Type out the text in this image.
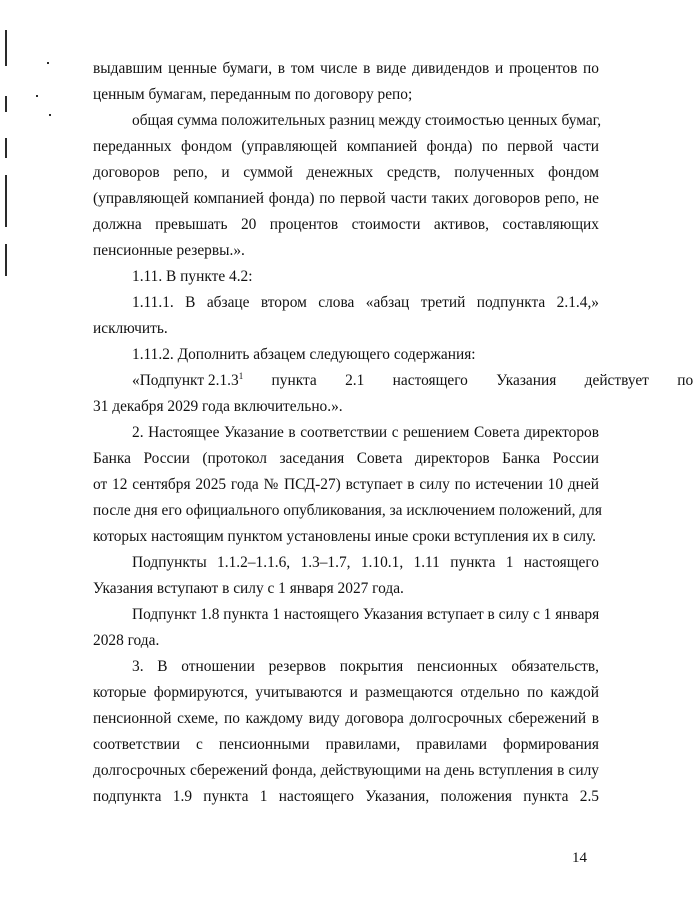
выдавшим ценные бумаги, в том числе в виде дивидендов и процентов по
ценным бумагам, переданным по договору репо;
общая сумма положительных разниц между стоимостью ценных бумаг,
переданных фондом (управляющей компанией фонда) по первой части
договоров репо, и суммой денежных средств, полученных фондом
(управляющей компанией фонда) по первой части таких договоров репо, не
должна превышать 20 процентов стоимости активов, составляющих
пенсионные резервы.».
1.11. В пункте 4.2:
1.11.1. В абзаце втором слова «абзац третий подпункта 2.1.4,»
исключить.
1.11.2. Дополнить абзацем следующего содержания:
«Подпункт 2.1.3$^1$ пункта 2.1 настоящего Указания действует по
31 декабря 2029 года включительно.».
2. Настоящее Указание в соответствии с решением Совета директоров
Банка России (протокол заседания Совета директоров Банка России
от 12 сентября 2025 года № ПСД-27) вступает в силу по истечении 10 дней
после дня его официального опубликования, за исключением положений, для
которых настоящим пунктом установлены иные сроки вступления их в силу.
Подпункты 1.1.2–1.1.6, 1.3–1.7, 1.10.1, 1.11 пункта 1 настоящего
Указания вступают в силу с 1 января 2027 года.
Подпункт 1.8 пункта 1 настоящего Указания вступает в силу с 1 января
2028 года.
3. В отношении резервов покрытия пенсионных обязательств,
которые формируются, учитываются и размещаются отдельно по каждой
пенсионной схеме, по каждому виду договора долгосрочных сбережений в
соответствии с пенсионными правилами, правилами формирования
долгосрочных сбережений фонда, действующими на день вступления в силу
подпункта 1.9 пункта 1 настоящего Указания, положения пункта 2.5
14
